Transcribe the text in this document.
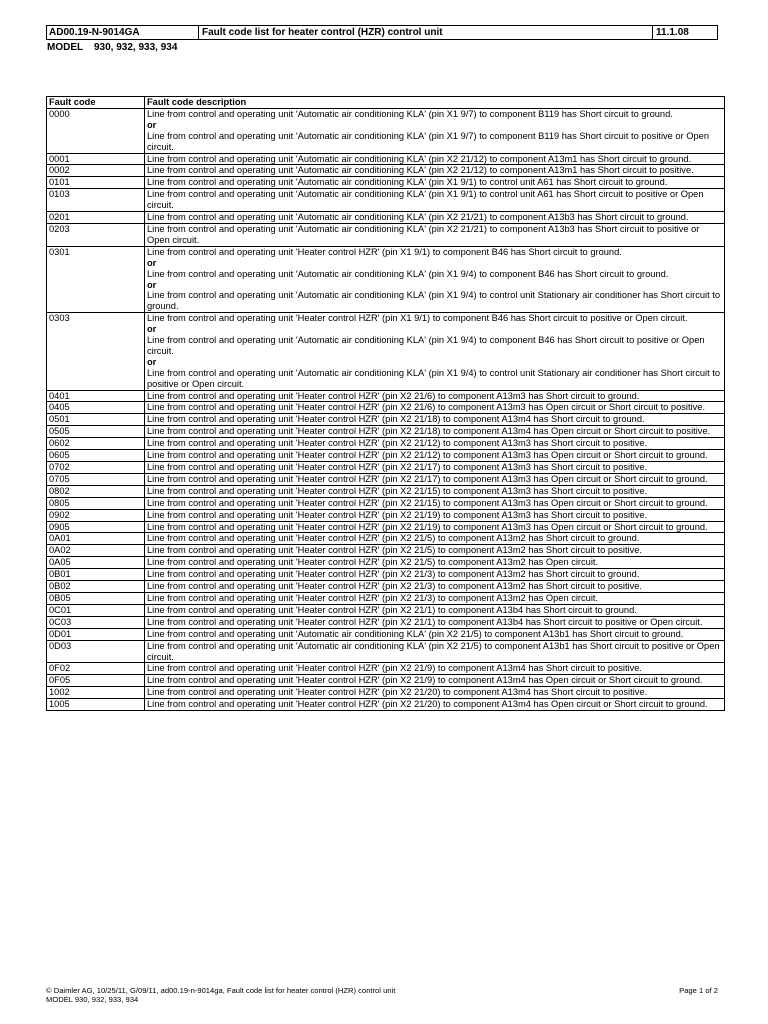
AD00.19-N-9014GA	Fault code list for heater control (HZR) control unit	11.1.08
MODEL 930, 932, 933, 934
Fault code	Fault code description
0000	Line from control and operating unit 'Automatic air conditioning KLA' (pin X1 9/7) to component B119 has Short circuit to ground.
or
Line from control and operating unit 'Automatic air conditioning KLA' (pin X1 9/7) to component B119 has Short circuit to positive or Open circuit.

0001	Line from control and operating unit 'Automatic air conditioning KLA' (pin X2 21/12) to component A13m1 has Short circuit to ground.

0002	Line from control and operating unit 'Automatic air conditioning KLA' (pin X2 21/12) to component A13m1 has Short circuit to positive.

0101	Line from control and operating unit 'Automatic air conditioning KLA' (pin X1 9/1) to control unit A61 has Short circuit to ground.

0103	Line from control and operating unit 'Automatic air conditioning KLA' (pin X1 9/1) to control unit A61 has Short circuit to positive or Open circuit.

0201	Line from control and operating unit 'Automatic air conditioning KLA' (pin X2 21/21) to component A13b3 has Short circuit to ground.

0203	Line from control and operating unit 'Automatic air conditioning KLA' (pin X2 21/21) to component A13b3 has Short circuit to positive or Open circuit.

0301	Line from control and operating unit 'Heater control HZR' (pin X1 9/1) to component B46 has Short circuit to ground.
or
Line from control and operating unit 'Automatic air conditioning KLA' (pin X1 9/4) to component B46 has Short circuit to ground.
or
Line from control and operating unit 'Automatic air conditioning KLA' (pin X1 9/4) to control unit Stationary air conditioner has Short circuit to ground.

0303	Line from control and operating unit 'Heater control HZR' (pin X1 9/1) to component B46 has Short circuit to positive or Open circuit.
or
Line from control and operating unit 'Automatic air conditioning KLA' (pin X1 9/4) to component B46 has Short circuit to positive or Open circuit.
or
Line from control and operating unit 'Automatic air conditioning KLA' (pin X1 9/4) to control unit Stationary air conditioner has Short circuit to positive or Open circuit.

0401	Line from control and operating unit 'Heater control HZR' (pin X2 21/6) to component A13m3 has Short circuit to ground.

0405	Line from control and operating unit 'Heater control HZR' (pin X2 21/6) to component A13m3 has Open circuit or Short circuit to positive.

0501	Line from control and operating unit 'Heater control HZR' (pin X2 21/18) to component A13m4 has Short circuit to ground.

0505	Line from control and operating unit 'Heater control HZR' (pin X2 21/18) to component A13m4 has Open circuit or Short circuit to positive.

0602	Line from control and operating unit 'Heater control HZR' (pin X2 21/12) to component A13m3 has Short circuit to positive.

0605	Line from control and operating unit 'Heater control HZR' (pin X2 21/12) to component A13m3 has Open circuit or Short circuit to ground.

0702	Line from control and operating unit 'Heater control HZR' (pin X2 21/17) to component A13m3 has Short circuit to positive.

0705	Line from control and operating unit 'Heater control HZR' (pin X2 21/17) to component A13m3 has Open circuit or Short circuit to ground.

0802	Line from control and operating unit 'Heater control HZR' (pin X2 21/15) to component A13m3 has Short circuit to positive.

0805	Line from control and operating unit 'Heater control HZR' (pin X2 21/15) to component A13m3 has Open circuit or Short circuit to ground.

0902	Line from control and operating unit 'Heater control HZR' (pin X2 21/19) to component A13m3 has Short circuit to positive.

0905	Line from control and operating unit 'Heater control HZR' (pin X2 21/19) to component A13m3 has Open circuit or Short circuit to ground.

0A01	Line from control and operating unit 'Heater control HZR' (pin X2 21/5) to component A13m2 has Short circuit to ground.

0A02	Line from control and operating unit 'Heater control HZR' (pin X2 21/5) to component A13m2 has Short circuit to positive.

0A05	Line from control and operating unit 'Heater control HZR' (pin X2 21/5) to component A13m2 has Open circuit.

0B01	Line from control and operating unit 'Heater control HZR' (pin X2 21/3) to component A13m2 has Short circuit to ground.

0B02	Line from control and operating unit 'Heater control HZR' (pin X2 21/3) to component A13m2 has Short circuit to positive.

0B05	Line from control and operating unit 'Heater control HZR' (pin X2 21/3) to component A13m2 has Open circuit.

0C01	Line from control and operating unit 'Heater control HZR' (pin X2 21/1) to component A13b4 has Short circuit to ground.

0C03	Line from control and operating unit 'Heater control HZR' (pin X2 21/1) to component A13b4 has Short circuit to positive or Open circuit.

0D01	Line from control and operating unit 'Automatic air conditioning KLA' (pin X2 21/5) to component A13b1 has Short circuit to ground.

0D03	Line from control and operating unit 'Automatic air conditioning KLA' (pin X2 21/5) to component A13b1 has Short circuit to positive or Open circuit.

0F02	Line from control and operating unit 'Heater control HZR' (pin X2 21/9) to component A13m4 has Short circuit to positive.

0F05	Line from control and operating unit 'Heater control HZR' (pin X2 21/9) to component A13m4 has Open circuit or Short circuit to ground.

1002	Line from control and operating unit 'Heater control HZR' (pin X2 21/20) to component A13m4 has Short circuit to positive.

1005	Line from control and operating unit 'Heater control HZR' (pin X2 21/20) to component A13m4 has Open circuit or Short circuit to ground.
© Daimler AG, 10/25/11, G/09/11, ad00.19-n-9014ga, Fault code list for heater control (HZR) control unit
MODEL 930, 932, 933, 934
Page 1 of 2
